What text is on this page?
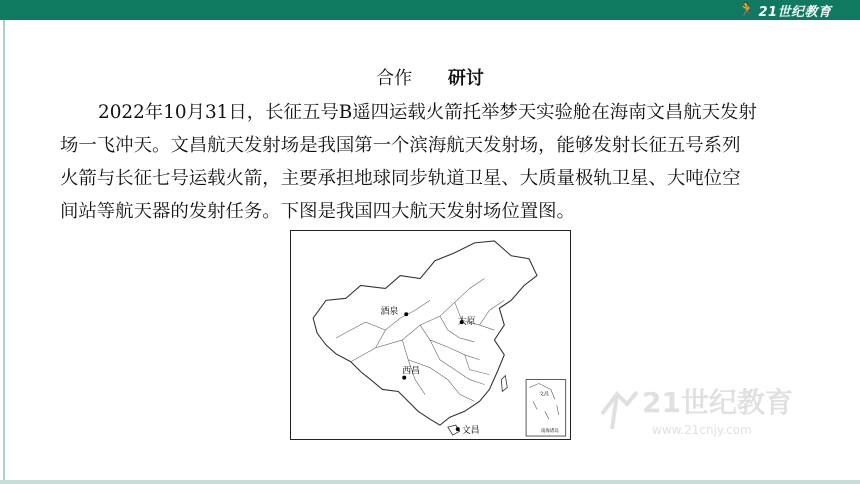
🏃 21世纪教育
合作 研讨
2022年10月31日，长征五号B遥四运载火箭托举梦天实验舱在海南文昌航天发射
场一飞冲天。文昌航天发射场是我国第一个滨海航天发射场，能够发射长征五号系列
火箭与长征七号运载火箭，主要承担地球同步轨道卫星、大质量极轨卫星、大吨位空
间站等航天器的发射任务。下图是我国四大航天发射场位置图。
酒泉
太原
西昌
文昌
文昌
南海诸岛
21世纪教育
www.21cnjy.com
